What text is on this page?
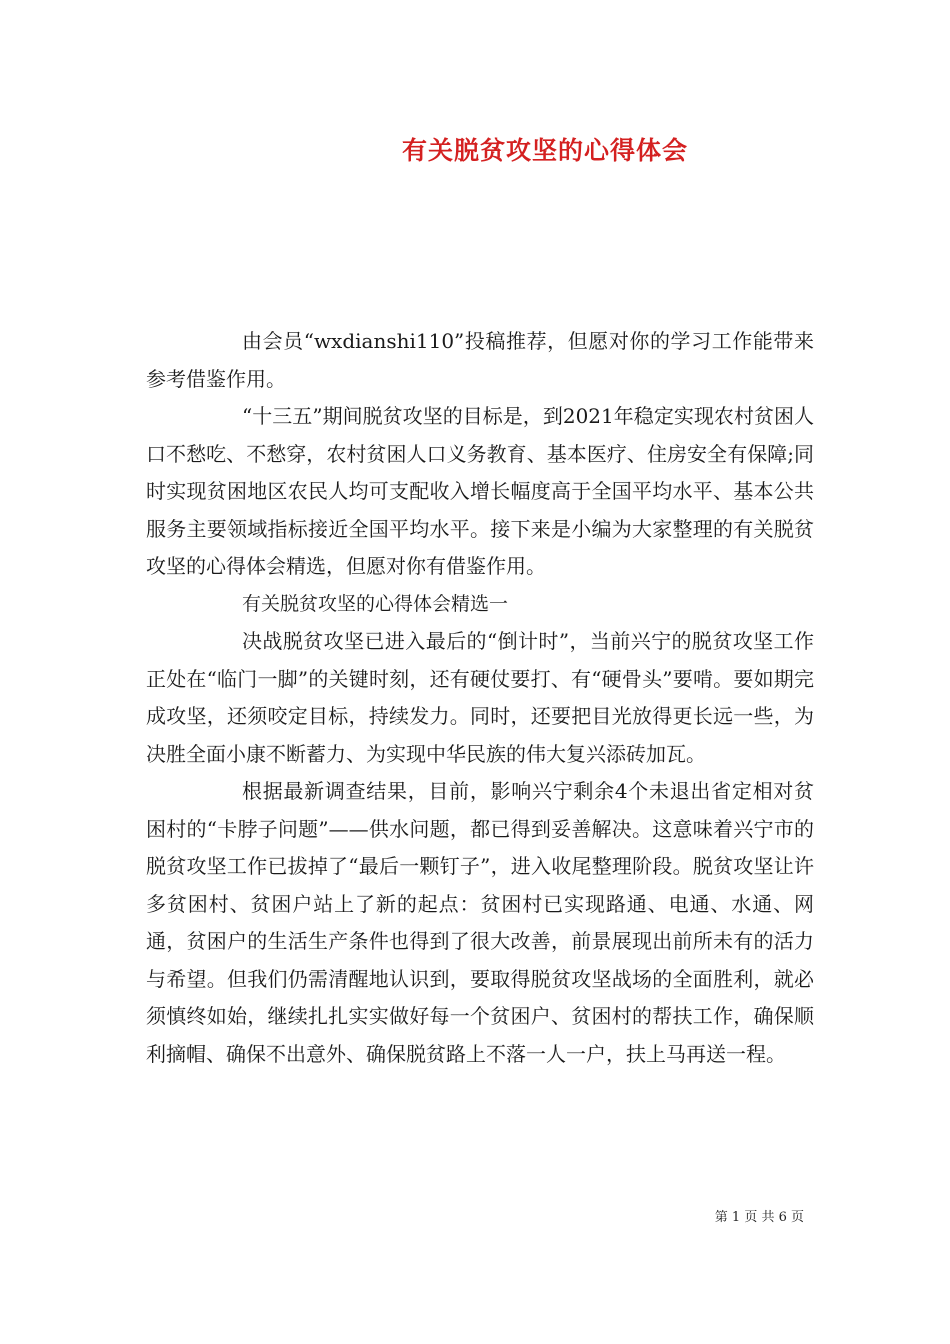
有关脱贫攻坚的心得体会

由会员“wxdianshi110”投稿推荐，但愿对你的学习工作能带来参考借鉴作用。

“十三五”期间脱贫攻坚的目标是，到2021年稳定实现农村贫困人口不愁吃、不愁穿，农村贫困人口义务教育、基本医疗、住房安全有保障;同时实现贫困地区农民人均可支配收入增长幅度高于全国平均水平、基本公共服务主要领域指标接近全国平均水平。接下来是小编为大家整理的有关脱贫攻坚的心得体会精选，但愿对你有借鉴作用。

有关脱贫攻坚的心得体会精选一

决战脱贫攻坚已进入最后的“倒计时”，当前兴宁的脱贫攻坚工作正处在“临门一脚”的关键时刻，还有硬仗要打、有“硬骨头”要啃。要如期完成攻坚，还须咬定目标，持续发力。同时，还要把目光放得更长远一些，为决胜全面小康不断蓄力、为实现中华民族的伟大复兴添砖加瓦。

根据最新调查结果，目前，影响兴宁剩余4个未退出省定相对贫困村的“卡脖子问题”——供水问题，都已得到妥善解决。这意味着兴宁市的脱贫攻坚工作已拔掉了“最后一颗钉子”，进入收尾整理阶段。脱贫攻坚让许多贫困村、贫困户站上了新的起点：贫困村已实现路通、电通、水通、网通，贫困户的生活生产条件也得到了很大改善，前景展现出前所未有的活力与希望。但我们仍需清醒地认识到，要取得脱贫攻坚战场的全面胜利，就必须慎终如始，继续扎扎实实做好每一个贫困户、贫困村的帮扶工作，确保顺利摘帽、确保不出意外、确保脱贫路上不落一人一户，扶上马再送一程。

第 1 页 共 6 页
